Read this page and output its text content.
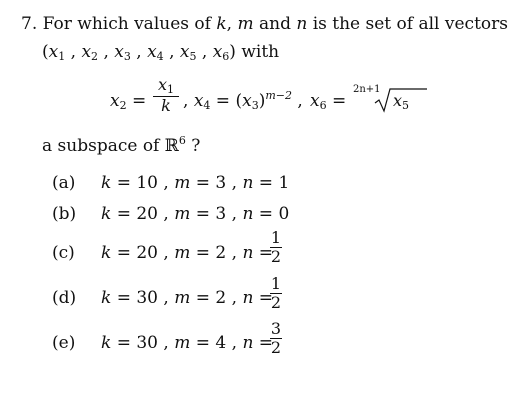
7. For which values of k, m and n is the set of all vectors
($x_1$ , $x_2$ , $x_3$ , $x_4$ , $x_5$ , $x_6$) with
$x_2 = \frac{x_1}{k}$ , $x_4 = (x_3)^{m-2}$ , $x_6$ =
2n+1
$x_5$
a subspace of ℝ$^6$ ?
(a) k = 10 , m = 3 , n = 1
(b) k = 20 , m = 3 , n = 0
(c) k = 20 , m = 2 , n =
$\frac{1}{2}$
(d) k = 30 , m = 2 , n =
$\frac{1}{2}$
(e) k = 30 , m = 4 , n =
$\frac{3}{2}$
